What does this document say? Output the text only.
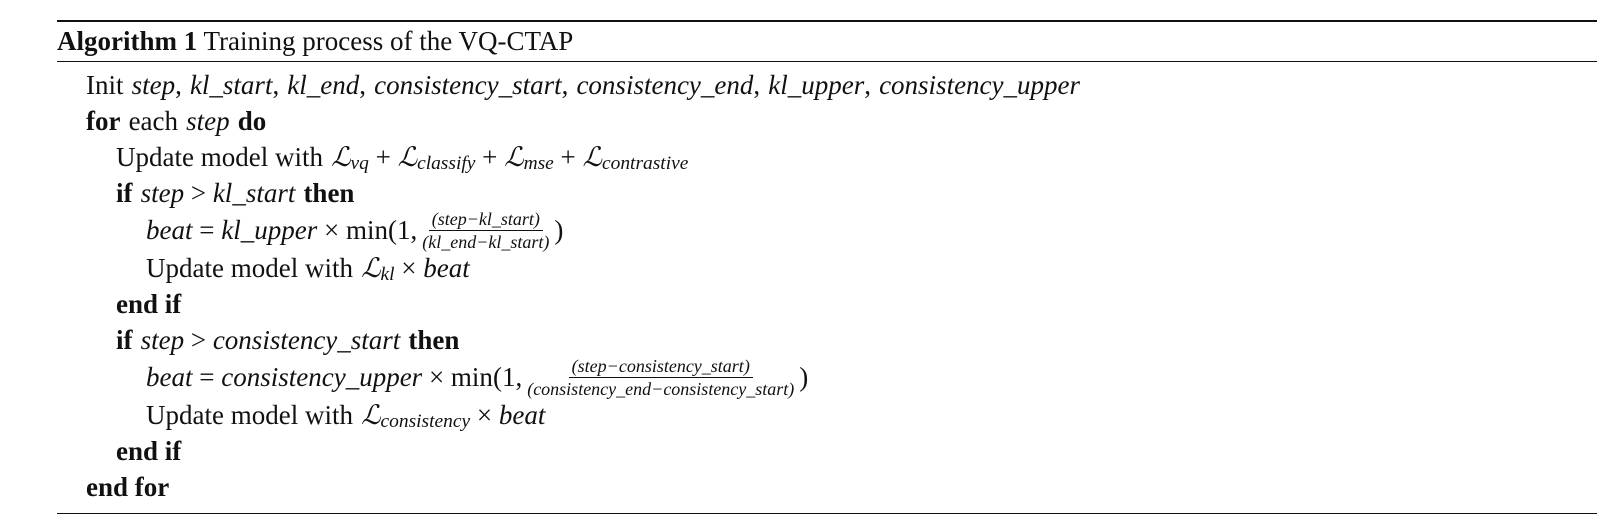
Algorithm 1 Training process of the VQ-CTAP
Init step , kl_start , kl_end , consistency_start , consistency_end , kl_upper , consistency_upper
for each step do
Update model with ℒ vq + ℒ classify + ℒ mse + ℒ contrastive
if step > kl_start then
beat = kl_upper × min ( 1, $\frac{\text{(step−kl\_start)}}{\text{(kl\_end−kl\_start)}}$ )
Update model with ℒ kl × beat
end if
if step > consistency_start then
beat = consistency_upper × min ( 1, $\frac{\text{(step−consistency\_start)}}{\text{(consistency\_end−consistency\_start)}}$ )
Update model with ℒ consistency × beat
end if
end for
